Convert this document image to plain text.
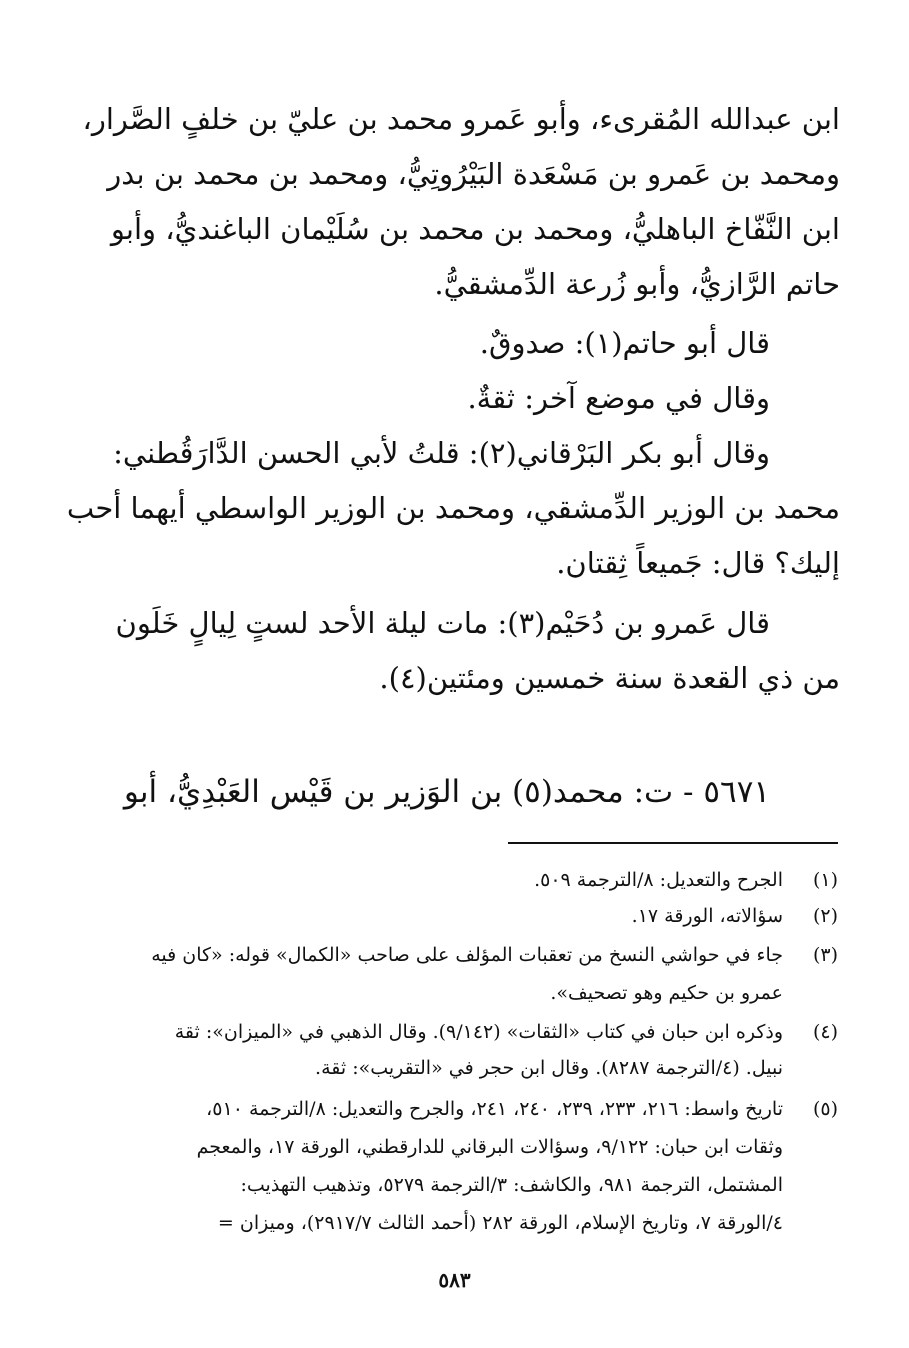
ابن عبدالله المُقرىء، وأبو عَمرو محمد بن عليّ بن خلفٍ الصَّرار،
ومحمد بن عَمرو بن مَسْعَدة البَيْرُوتِيُّ، ومحمد بن محمد بن بدر
ابن النَّفّاخ الباهليُّ، ومحمد بن محمد بن سُلَيْمان الباغنديُّ، وأبو
حاتم الرَّازيُّ، وأبو زُرعة الدِّمشقيُّ.
قال أبو حاتم(١): صدوقٌ.
وقال في موضع آخر: ثقةٌ.
وقال أبو بكر البَرْقاني(٢): قلتُ لأبي الحسن الدَّارَقُطني:
محمد بن الوزير الدِّمشقي، ومحمد بن الوزير الواسطي أيهما أحب
إليك؟ قال: جَميعاً ثِقتان.
قال عَمرو بن دُحَيْم(٣): مات ليلة الأحد لستٍ لِيالٍ خَلَون
من ذي القعدة سنة خمسين ومئتين(٤).
٥٦٧١ - ت: محمد(٥) بن الوَزير بن قَيْس العَبْدِيُّ، أبو
(١)
الجرح والتعديل: ٨/الترجمة ٥٠٩.
(٢)
سؤالاته، الورقة ١٧.
(٣)
جاء في حواشي النسخ من تعقبات المؤلف على صاحب «الكمال» قوله: «كان فيه
عمرو بن حكيم وهو تصحيف».
(٤)
وذكره ابن حبان في كتاب «الثقات» (٩/١٤٢). وقال الذهبي في «الميزان»: ثقة
نبيل. (٤/الترجمة ٨٢٨٧). وقال ابن حجر في «التقريب»: ثقة.
(٥)
تاريخ واسط: ٢١٦، ٢٣٣، ٢٣٩، ٢٤٠، ٢٤١، والجرح والتعديل: ٨/الترجمة ٥١٠،
وثقات ابن حبان: ٩/١٢٢، وسؤالات البرقاني للدارقطني، الورقة ١٧، والمعجم
المشتمل، الترجمة ٩٨١، والكاشف: ٣/الترجمة ٥٢٧٩، وتذهيب التهذيب:
٤/الورقة ٧، وتاريخ الإسلام، الورقة ٢٨٢ (أحمد الثالث ٢٩١٧/٧)، وميزان =
٥٨٣
